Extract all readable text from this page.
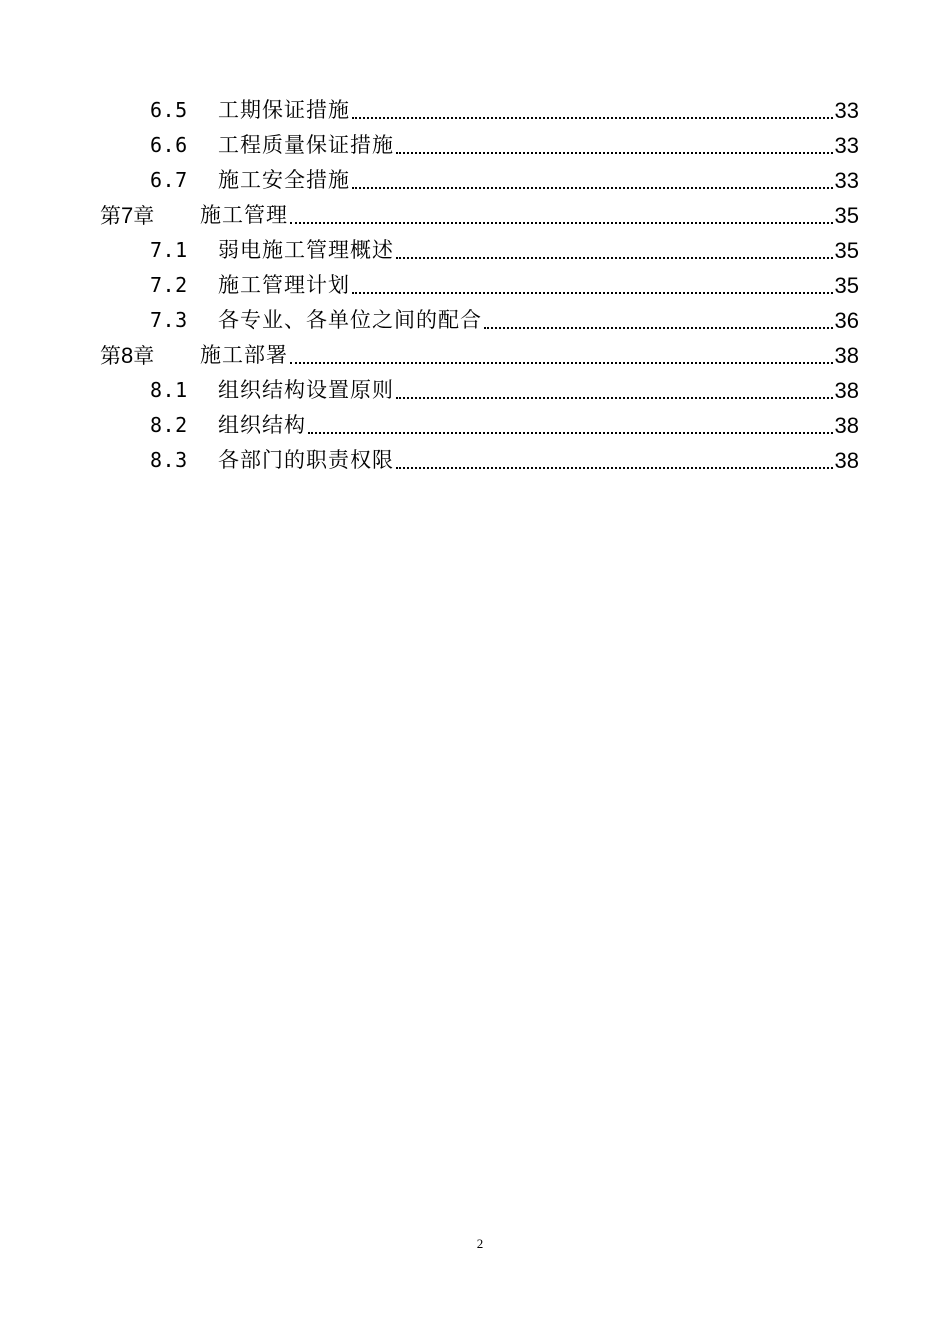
6.5	工期保证措施	33
6.6	工程质量保证措施	33
6.7	施工安全措施	33
第7章	施工管理	35
7.1	弱电施工管理概述	35
7.2	施工管理计划	35
7.3	各专业、各单位之间的配合	36
第8章	施工部署	38
8.1	组织结构设置原则	38
8.2	组织结构	38
8.3	各部门的职责权限	38
2
